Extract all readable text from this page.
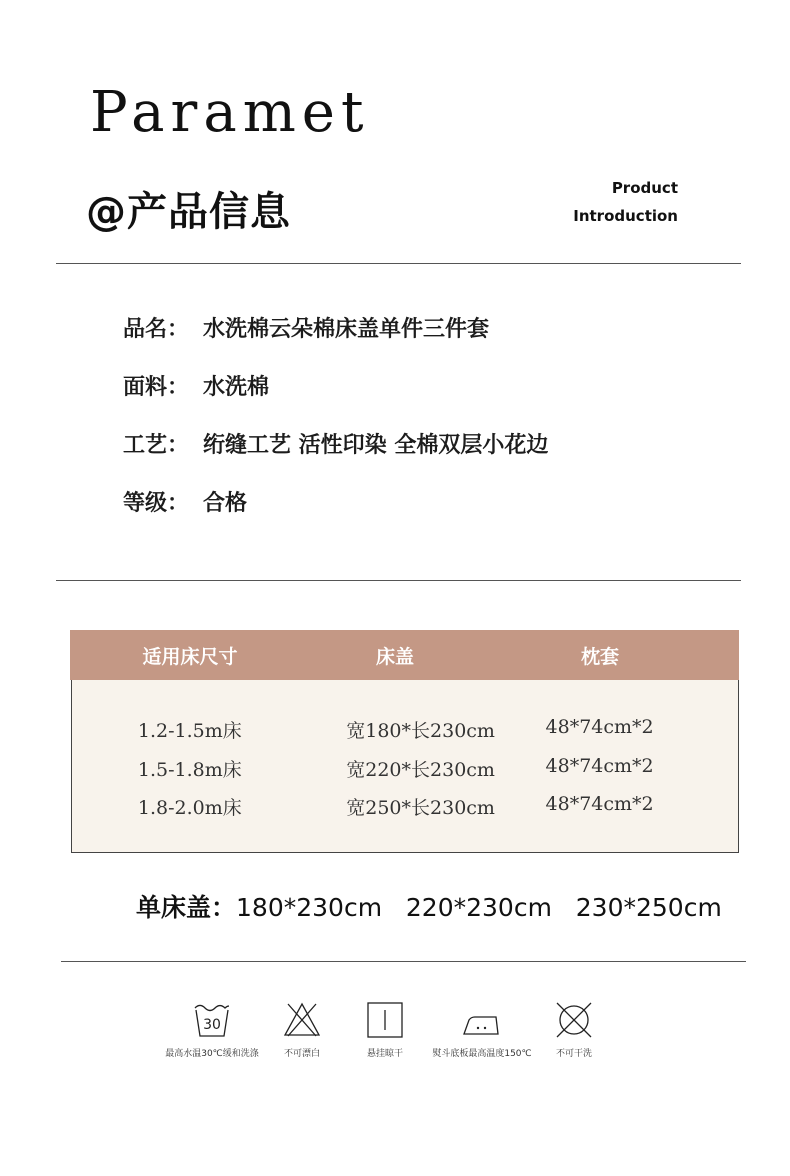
Paramet
@产品信息
Product
Introduction
品名： 水洗棉云朵棉床盖单件三件套
面料： 水洗棉
工艺： 绗缝工艺 活性印染 全棉双层小花边
等级： 合格
适用床尺寸	床盖	枕套
1.2-1.5m床	宽180*长230cm	48*74cm*2
1.5-1.8m床	宽220*长230cm	48*74cm*2
1.8-2.0m床	宽250*长230cm	48*74cm*2
单床盖：180*230cm   220*230cm   230*250cm
30
最高水温30℃缓和洗涤	不可漂白	悬挂晾干	熨斗底板最高温度150℃	不可干洗
